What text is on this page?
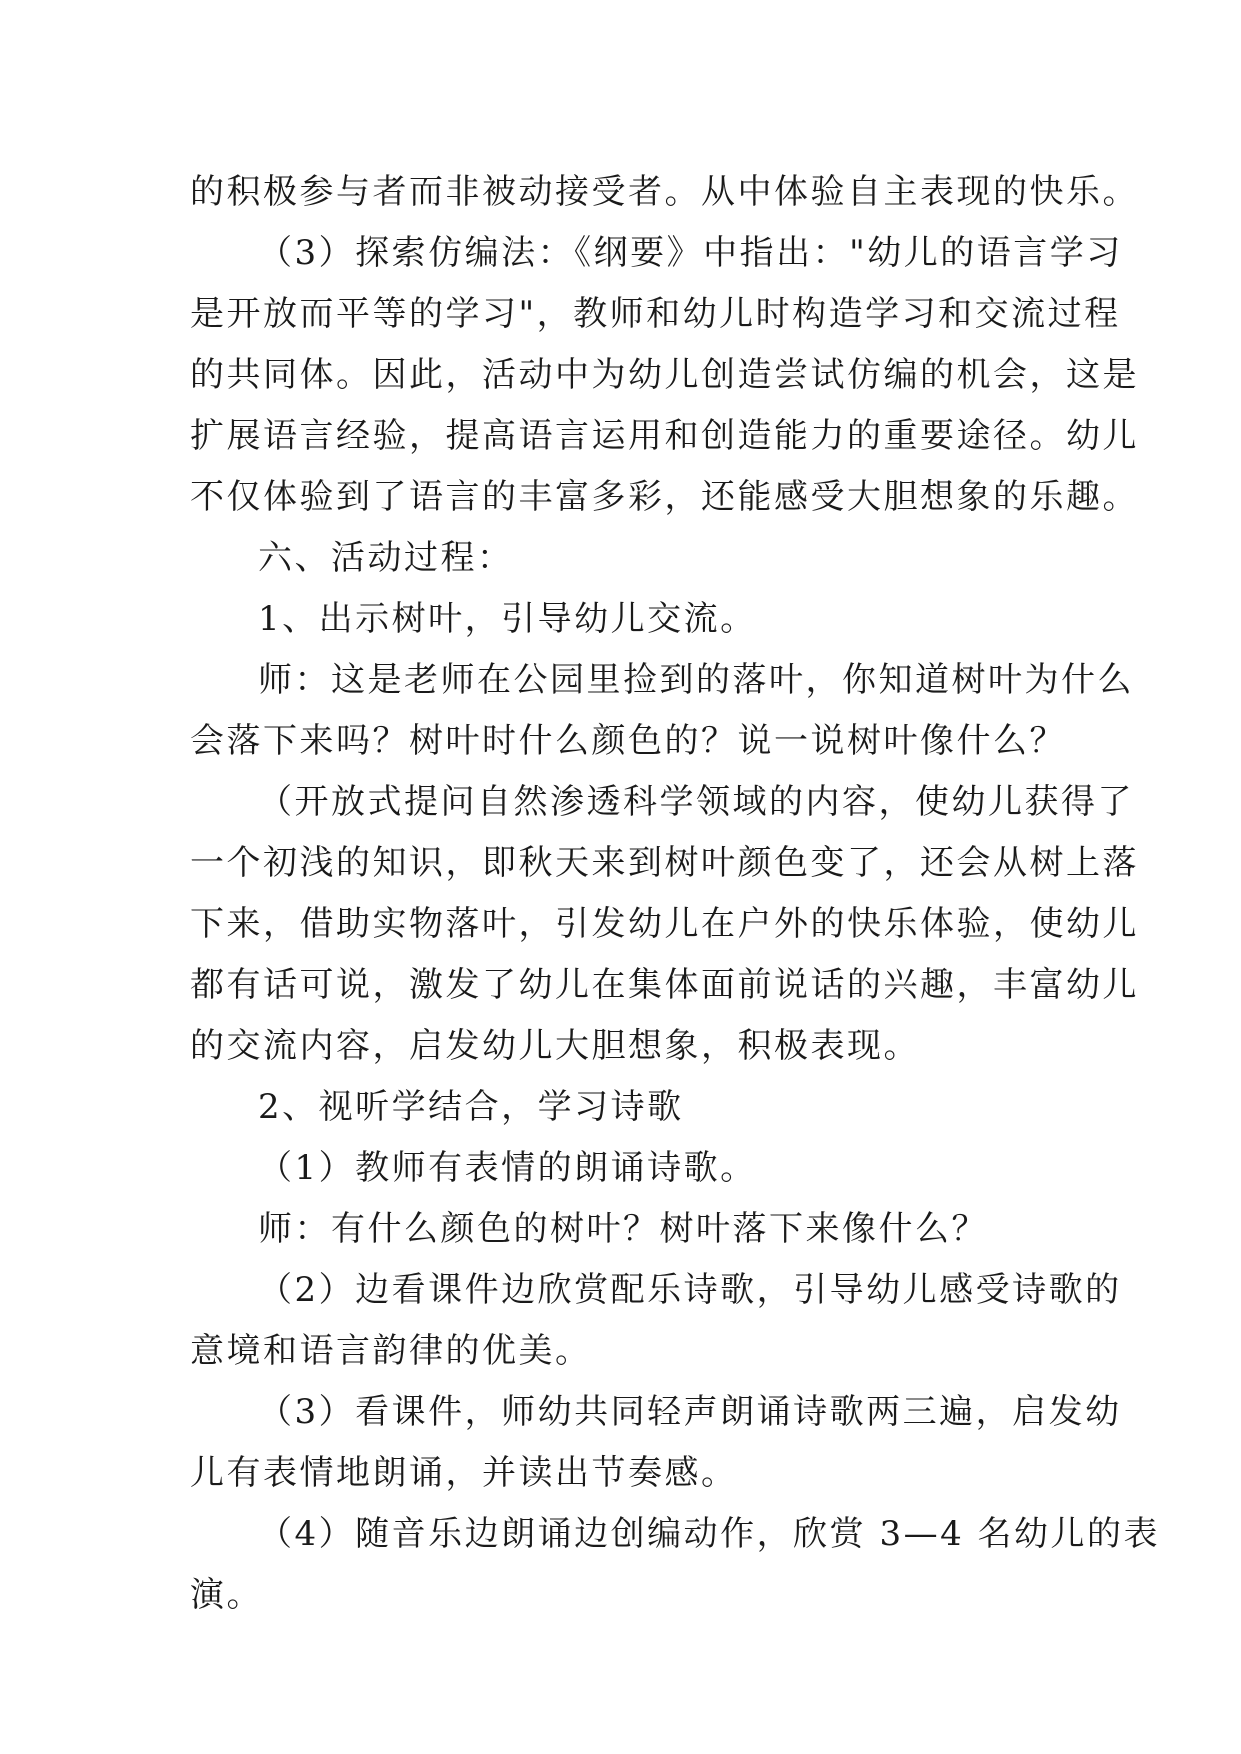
的积极参与者而非被动接受者。从中体验自主表现的快乐。
（3）探索仿编法：《纲要》中指出："幼儿的语言学习
是开放而平等的学习"，教师和幼儿时构造学习和交流过程
的共同体。因此，活动中为幼儿创造尝试仿编的机会，这是
扩展语言经验，提高语言运用和创造能力的重要途径。幼儿
不仅体验到了语言的丰富多彩，还能感受大胆想象的乐趣。
六、活动过程：
1、出示树叶，引导幼儿交流。
师：这是老师在公园里捡到的落叶，你知道树叶为什么
会落下来吗？树叶时什么颜色的？说一说树叶像什么？
（开放式提问自然渗透科学领域的内容，使幼儿获得了
一个初浅的知识，即秋天来到树叶颜色变了，还会从树上落
下来，借助实物落叶，引发幼儿在户外的快乐体验，使幼儿
都有话可说，激发了幼儿在集体面前说话的兴趣，丰富幼儿
的交流内容，启发幼儿大胆想象，积极表现。
2、视听学结合，学习诗歌
（1）教师有表情的朗诵诗歌。
师：有什么颜色的树叶？树叶落下来像什么？
（2）边看课件边欣赏配乐诗歌，引导幼儿感受诗歌的
意境和语言韵律的优美。
（3）看课件，师幼共同轻声朗诵诗歌两三遍，启发幼
儿有表情地朗诵，并读出节奏感。
（4）随音乐边朗诵边创编动作，欣赏 3—4 名幼儿的表
演。
